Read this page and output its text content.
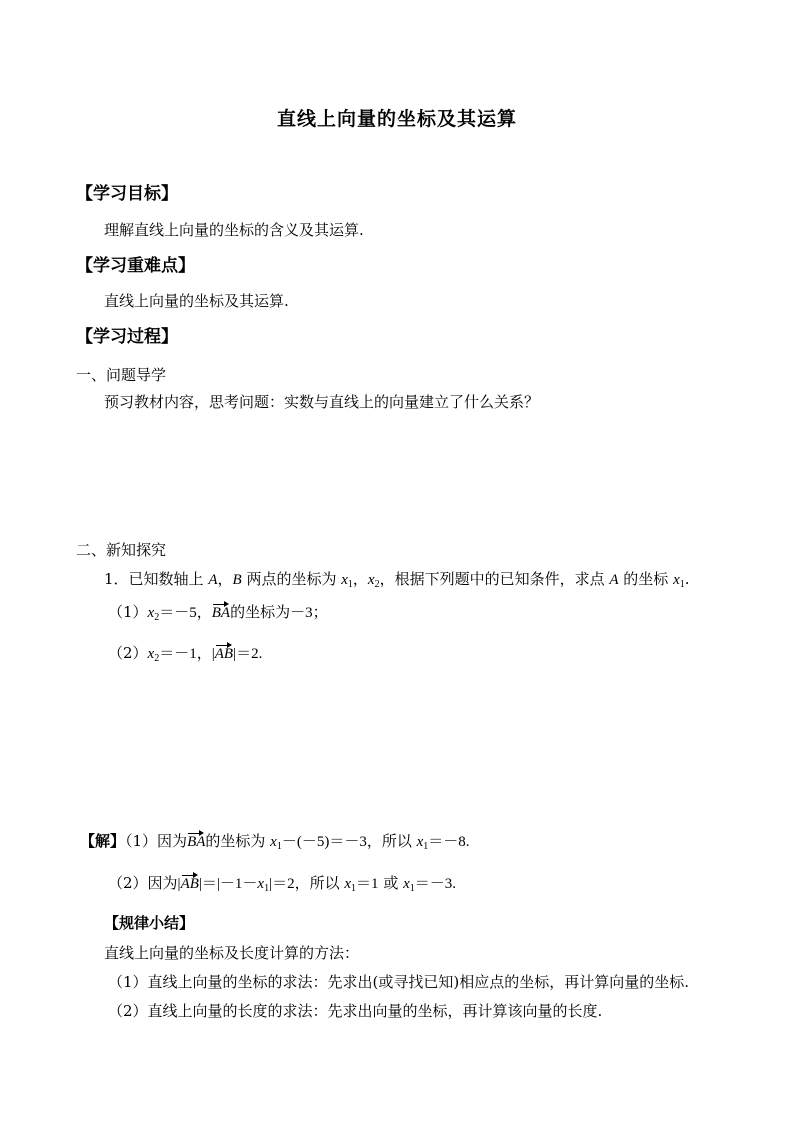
直线上向量的坐标及其运算
【学习目标】
理解直线上向量的坐标的含义及其运算.
【学习重难点】
直线上向量的坐标及其运算.
【学习过程】
一、问题导学
预习教材内容，思考问题：实数与直线上的向量建立了什么关系？
二、新知探究
1．已知数轴上 A，B 两点的坐标为 $x_1$，$x_2$，根据下列题中的已知条件，求点 A 的坐标 $x_1$.
$(1)x_2=-5$，BA的坐标为－3；
$(2)x_2=-1$，|AB|＝2.
【解】（1）因为BA的坐标为 $x_1-(-5)=-3$，所以 $x_1=-8$.
（2）因为$|AB|=|-1-x_1|=2$，所以 $x_1=1$ 或 $x_1=-3$.
【规律小结】
直线上向量的坐标及长度计算的方法：
（1）直线上向量的坐标的求法：先求出(或寻找已知)相应点的坐标，再计算向量的坐标.
（2）直线上向量的长度的求法：先求出向量的坐标，再计算该向量的长度.
